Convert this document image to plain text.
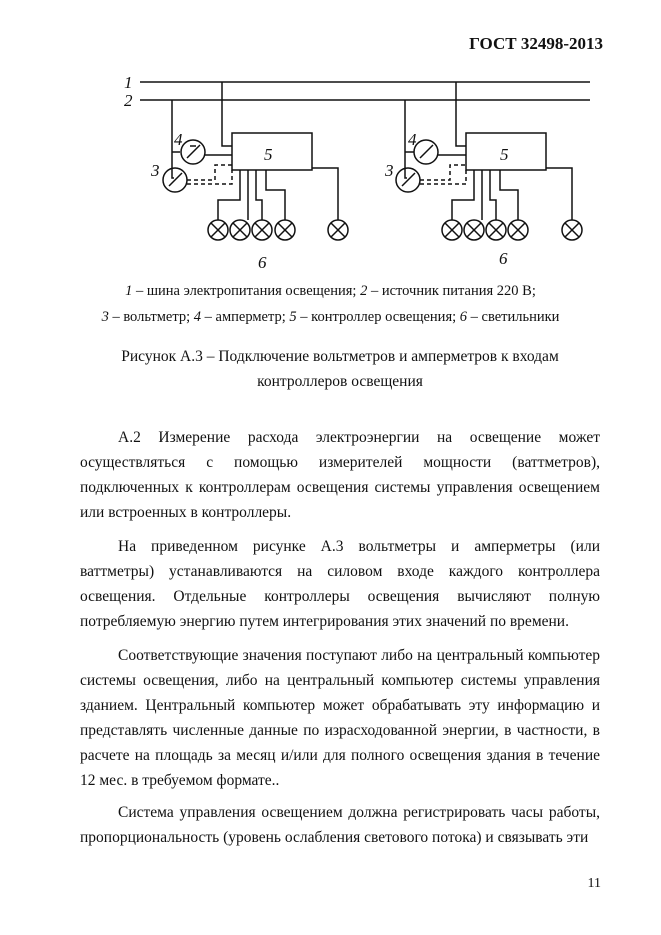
ГОСТ 32498-2013
1
2
4
3
5
6
4
3
5
6
1 – шина электропитания освещения; 2 – источник питания 220 В;
3 – вольтметр; 4 – амперметр; 5 – контроллер освещения; 6 – светильники
Рисунок А.3 – Подключение вольтметров и амперметров к входам
контроллеров освещения

А.2 Измерение расхода электроэнергии на освещение может осуществляться с помощью измерителей мощности (ваттметров), подключенных к контроллерам освещения системы управления освещением или встроенных в контроллеры.

На приведенном рисунке А.3 вольтметры и амперметры (или ваттметры) устанавливаются на силовом входе каждого контроллера освещения. Отдельные контроллеры освещения вычисляют полную потребляемую энергию путем интегрирования этих значений по времени.

Соответствующие значения поступают либо на центральный компьютер системы освещения, либо на центральный компьютер системы управления зданием. Центральный компьютер может обрабатывать эту информацию и представлять численные данные по израсходованной энергии, в частности, в расчете на площадь за месяц и/или для полного освещения здания в течение 12 мес. в требуемом формате..

Система управления освещением должна регистрировать часы работы, пропорциональность (уровень ослабления светового потока) и связывать эти

11
